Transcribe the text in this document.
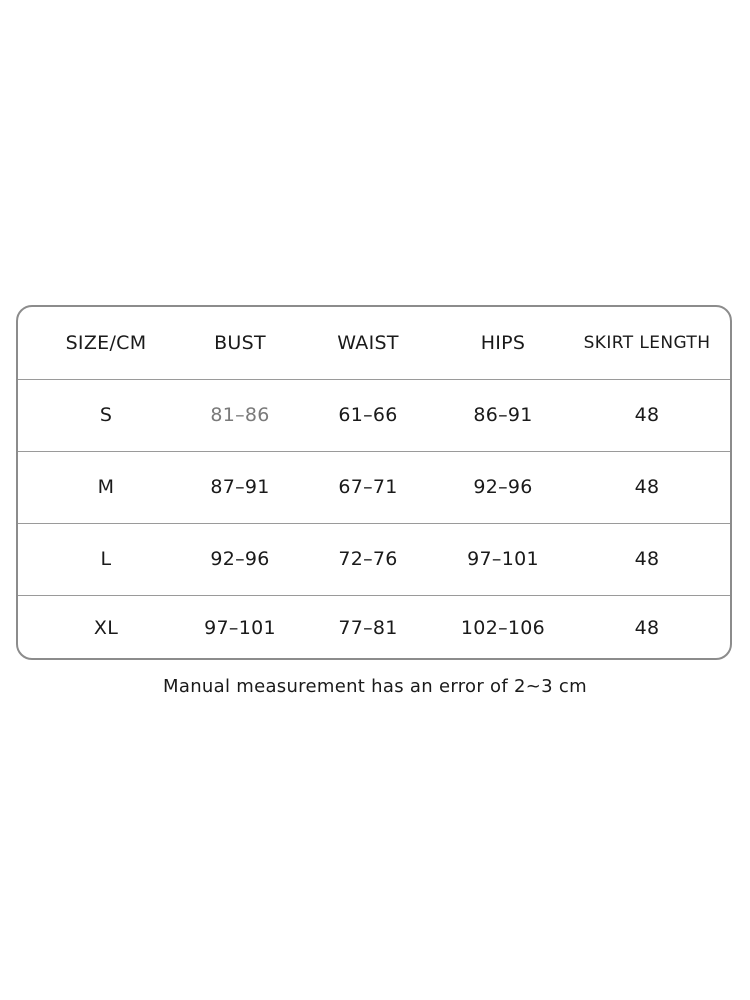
SIZE/CM	BUST	WAIST	HIPS	SKIRT LENGTH
S	81–86	61–66	86–91	48
M	87–91	67–71	92–96	48
L	92–96	72–76	97–101	48
XL	97–101	77–81	102–106	48
Manual measurement has an error of 2~3 cm
